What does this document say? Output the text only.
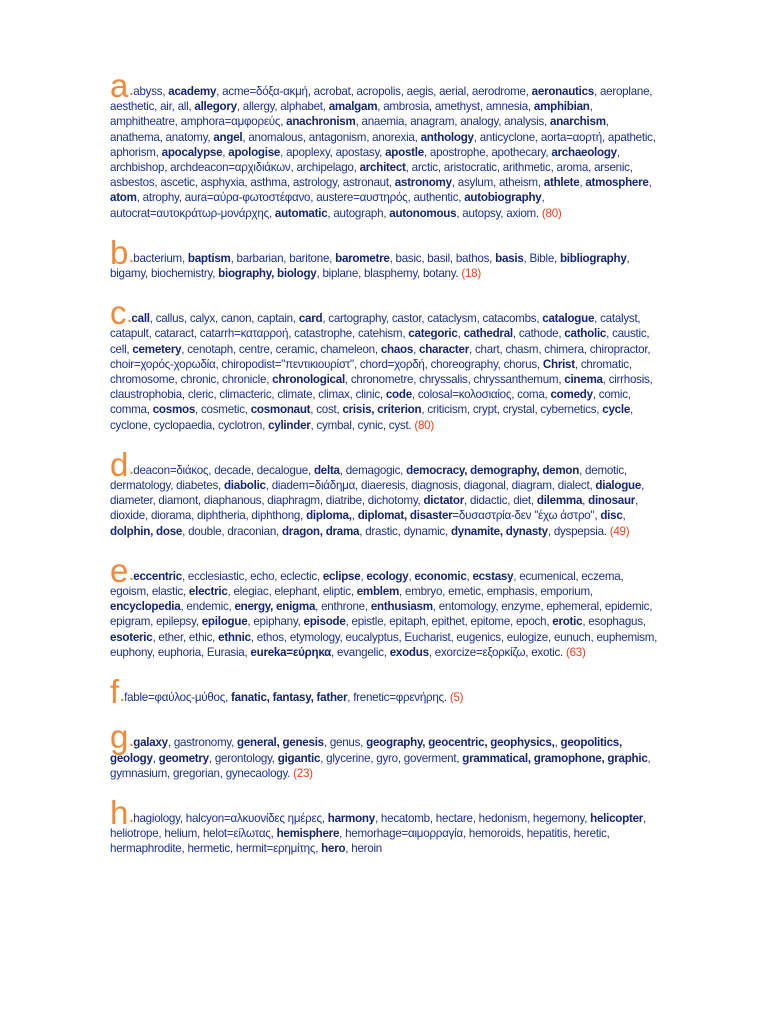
a.abyss, academy, acme=δόξα-ακμή, acrobat, acropolis, aegis, aerial, aerodrome, aeronautics, aeroplane, aesthetic, air, all, allegory, allergy, alphabet, amalgam, ambrosia, amethyst, amnesia, amphibian, amphitheatre, amphora=αμφορεύς, anachronism, anaemia, anagram, analogy, analysis, anarchism, anathema, anatomy, angel, anomalous, antagonism, anorexia, anthology, anticyclone, aorta=αορτή, apathetic, aphorism, apocalypse, apologise, apoplexy, apostasy, apostle, apostrophe, apothecary, archaeology, archbishop, archdeacon=αρχιδιάκων, archipelago, architect, arctic, aristocratic, arithmetic, aroma, arsenic, asbestos, ascetic, asphyxia, asthma, astrology, astronaut, astronomy, asylum, atheism, athlete, atmosphere, atom, atrophy, aura=αύρα-φωτοστέφανο, austere=αυστηρός, authentic, autobiography, autocrat=αυτοκράτωρ-μονάρχης, automatic, autograph, autonomous, autopsy, axiom. (80)
b.bacterium, baptism, barbarian, baritone, barometre, basic, basil, bathos, basis, Bible, bibliography, bigamy, biochemistry, biography, biology, biplane, blasphemy, botany. (18)
c.call, callus, calyx, canon, captain, card, cartography, castor, cataclysm, catacombs, catalogue, catalyst, catapult, cataract, catarrh=καταρροή, catastrophe, catehism, categoric, cathedral, cathode, catholic, caustic, cell, cemetery, cenotaph, centre, ceramic, chameleon, chaos, character, chart, chasm, chimera, chiropractor, choir=χορός-χορωδία, chiropodist="πεντικιουρίστ", chord=χορδή, choreography, chorus, Christ, chromatic, chromosome, chronic, chronicle, chronological, chronometre, chryssalis, chryssanthemum, cinema, cirrhosis, claustrophobia, cleric, climacteric, climate, climax, clinic, code, colosal=κολοσιαίος, coma, comedy, comic, comma, cosmos, cosmetic, cosmonaut, cost, crisis, criterion, criticism, crypt, crystal, cybernetics, cycle, cyclone, cyclopaedia, cyclotron, cylinder, cymbal, cynic, cyst. (80)
d.deacon=διάκος, decade, decalogue, delta, demagogic, democracy, demography, demon, demotic, dermatology, diabetes, diabolic, diadem=διάδημα, diaeresis, diagnosis, diagonal, diagram, dialect, dialogue, diameter, diamont, diaphanous, diaphragm, diatribe, dichotomy, dictator, didactic, diet, dilemma, dinosaur, dioxide, diorama, diphtheria, diphthong, diploma,, diplomat, disaster=δυσαστρία-δεν "έχω άστρο", disc, dolphin, dose, double, draconian, dragon, drama, drastic, dynamic, dynamite, dynasty, dyspepsia. (49)
e.eccentric, ecclesiastic, echo, eclectic, eclipse, ecology, economic, ecstasy, ecumenical, eczema, egoism, elastic, electric, elegiac, elephant, eliptic, emblem, embryo, emetic, emphasis, emporium, encyclopedia, endemic, energy, enigma, enthrone, enthusiasm, entomology, enzyme, ephemeral, epidemic, epigram, epilepsy, epilogue, epiphany, episode, epistle, epitaph, epithet, epitome, epoch, erotic, esophagus, esoteric, ether, ethic, ethnic, ethos, etymology, eucalyptus, Eucharist, eugenics, eulogize, eunuch, euphemism, euphony, euphoria, Eurasia, eureka=εύρηκα, evangelic, exodus, exorcize=εξορκίζω, exotic. (63)
f.fable=φαύλος-μύθος, fanatic, fantasy, father, frenetic=φρενήρης. (5)
g.galaxy, gastronomy, general, genesis, genus, geography, geocentric, geophysics,, geopolitics, geology, geometry, gerontology, gigantic, glycerine, gyro, goverment, grammatical, gramophone, graphic, gymnasium, gregorian, gynecaology. (23)
h.hagiology, halcyon=αλκυονίδες ημέρες, harmony, hecatomb, hectare, hedonism, hegemony, helicopter, heliotrope, helium, helot=είλωτας, hemisphere, hemorhage=αιμορραγία, hemoroids, hepatitis, heretic, hermaphrodite, hermetic, hermit=ερημίτης, hero, heroin
